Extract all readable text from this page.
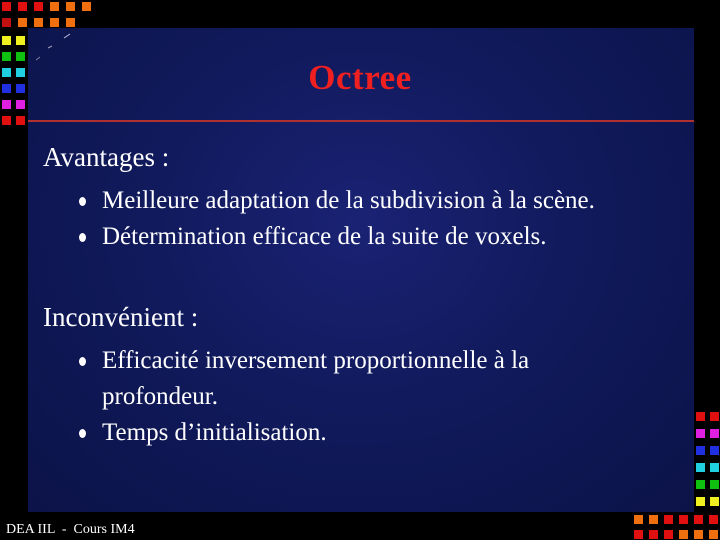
Octree
Avantages :
Meilleure adaptation de la subdivision à la scène.
Détermination efficace de la suite de voxels.
Inconvénient :
Efficacité inversement proportionnelle à la profondeur.
Temps d’initialisation.
DEA IIL  -  Cours IM4
